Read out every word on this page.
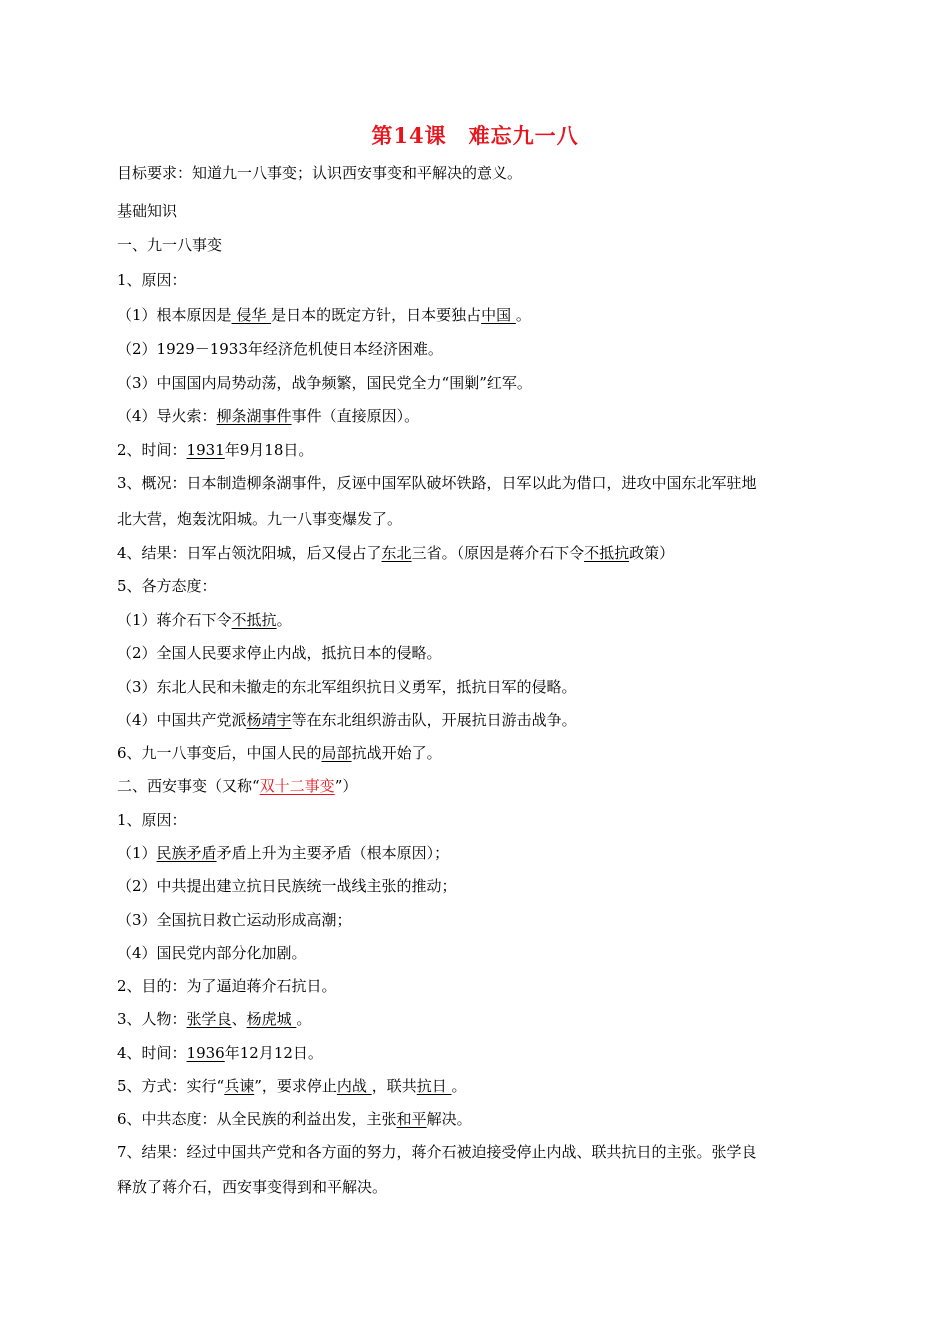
第14课　难忘九一八
目标要求：知道九一八事变；认识西安事变和平解决的意义。
基础知识
一、九一八事变
1、原因：
（1）根本原因是 侵华 是日本的既定方针，日本要独占中国 。
（2）1929－1933年经济危机使日本经济困难。
（3）中国国内局势动荡，战争频繁，国民党全力“围剿”红军。
（4）导火索：柳条湖事件事件（直接原因）。
2、时间：1931年9月18日。
3、概况：日本制造柳条湖事件，反诬中国军队破坏铁路，日军以此为借口，进攻中国东北军驻地
北大营，炮轰沈阳城。九一八事变爆发了。
4、结果：日军占领沈阳城，后又侵占了东北三省。（原因是蒋介石下令不抵抗政策）
5、各方态度：
（1）蒋介石下令不抵抗。
（2）全国人民要求停止内战，抵抗日本的侵略。
（3）东北人民和未撤走的东北军组织抗日义勇军，抵抗日军的侵略。
（4）中国共产党派杨靖宇等在东北组织游击队，开展抗日游击战争。
6、九一八事变后，中国人民的局部抗战开始了。
二、西安事变（又称“双十二事变”）
1、原因：
（1）民族矛盾矛盾上升为主要矛盾（根本原因）；
（2）中共提出建立抗日民族统一战线主张的推动；
（3）全国抗日救亡运动形成高潮；
（4）国民党内部分化加剧。
2、目的：为了逼迫蒋介石抗日。
3、人物：张学良、杨虎城 。
4、时间：1936年12月12日。
5、方式：实行“兵谏”，要求停止内战 ，联共抗日 。
6、中共态度：从全民族的利益出发，主张和平解决。
7、结果：经过中国共产党和各方面的努力，蒋介石被迫接受停止内战、联共抗日的主张。张学良
释放了蒋介石，西安事变得到和平解决。
